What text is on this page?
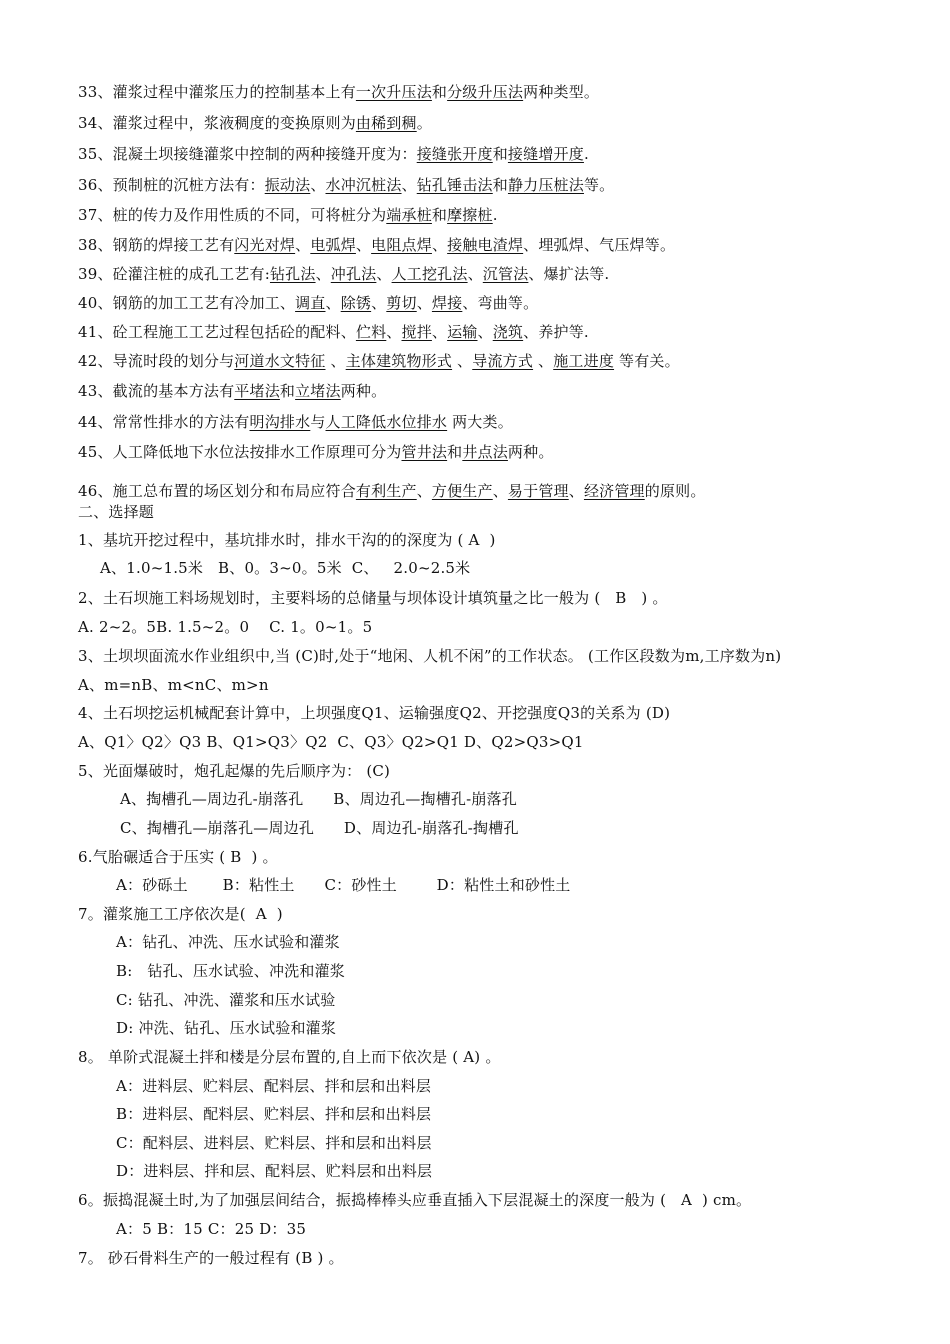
33、灌浆过程中灌浆压力的控制基本上有一次升压法和分级升压法两种类型。
34、灌浆过程中，浆液稠度的变换原则为由稀到稠。
35、混凝土坝接缝灌浆中控制的两种接缝开度为：接缝张开度和接缝增开度.
36、预制桩的沉桩方法有：振动法、水冲沉桩法、钻孔锤击法和静力压桩法等。
37、桩的传力及作用性质的不同，可将桩分为端承桩和摩擦桩.
38、钢筋的焊接工艺有闪光对焊、电弧焊、电阻点焊、接触电渣焊、埋弧焊、气压焊等。
39、砼灌注桩的成孔工艺有:钻孔法、冲孔法、人工挖孔法、沉管法、爆扩法等.
40、钢筋的加工工艺有冷加工、调直、除锈、剪切、焊接、弯曲等。
41、砼工程施工工艺过程包括砼的配料、伫料、搅拌、运输、浇筑、养护等.
42、导流时段的划分与河道水文特征 、主体建筑物形式 、导流方式 、施工进度 等有关。
43、截流的基本方法有平堵法和立堵法两种。
44、常常性排水的方法有明沟排水与人工降低水位排水 两大类。
45、人工降低地下水位法按排水工作原理可分为管井法和井点法两种。
46、施工总布置的场区划分和布局应符合有利生产、方便生产、易于管理、经济管理的原则。
二、选择题
1、基坑开挖过程中，基坑排水时，排水干沟的的深度为 ( A  )
A、1.0~1.5米   B、0。3~0。5米  C、   2.0~2.5米
2、土石坝施工料场规划时，主要料场的总储量与坝体设计填筑量之比一般为 (   B   ) 。
A. 2~2。5B. 1.5~2。0    C. 1。0~1。5
3、土坝坝面流水作业组织中,当 (C)时,处于“地闲、人机不闲”的工作状态。 (工作区段数为m,工序数为n)
A、m=nB、m<nC、m>n
4、土石坝挖运机械配套计算中，上坝强度Q1、运输强度Q2、开挖强度Q3的关系为 (D)
A、Q1〉Q2〉Q3 B、Q1>Q3〉Q2  C、Q3〉Q2>Q1 D、Q2>Q3>Q1
5、光面爆破时，炮孔起爆的先后顺序为： (C)
A、掏槽孔—周边孔-崩落孔      B、周边孔—掏槽孔-崩落孔
C、掏槽孔—崩落孔—周边孔      D、周边孔-崩落孔-掏槽孔
6.气胎碾适合于压实 ( B  ) 。
A：砂砾土       B：粘性土      C：砂性土        D：粘性土和砂性土
7。灌浆施工工序依次是(  A  )
A：钻孔、冲洗、压水试验和灌浆
B:   钻孔、压水试验、冲洗和灌浆
C: 钻孔、冲洗、灌浆和压水试验
D: 冲洗、钻孔、压水试验和灌浆
8。 单阶式混凝土拌和楼是分层布置的,自上而下依次是 ( A) 。
A：进料层、贮料层、配料层、拌和层和出料层
B：进料层、配料层、贮料层、拌和层和出料层
C：配料层、进料层、贮料层、拌和层和出料层
D：进料层、拌和层、配料层、贮料层和出料层
6。振捣混凝土时,为了加强层间结合，振捣棒棒头应垂直插入下层混凝土的深度一般为 (   A  ) cm。
A：5 B：15 C：25 D：35
7。 砂石骨料生产的一般过程有 (B ) 。
